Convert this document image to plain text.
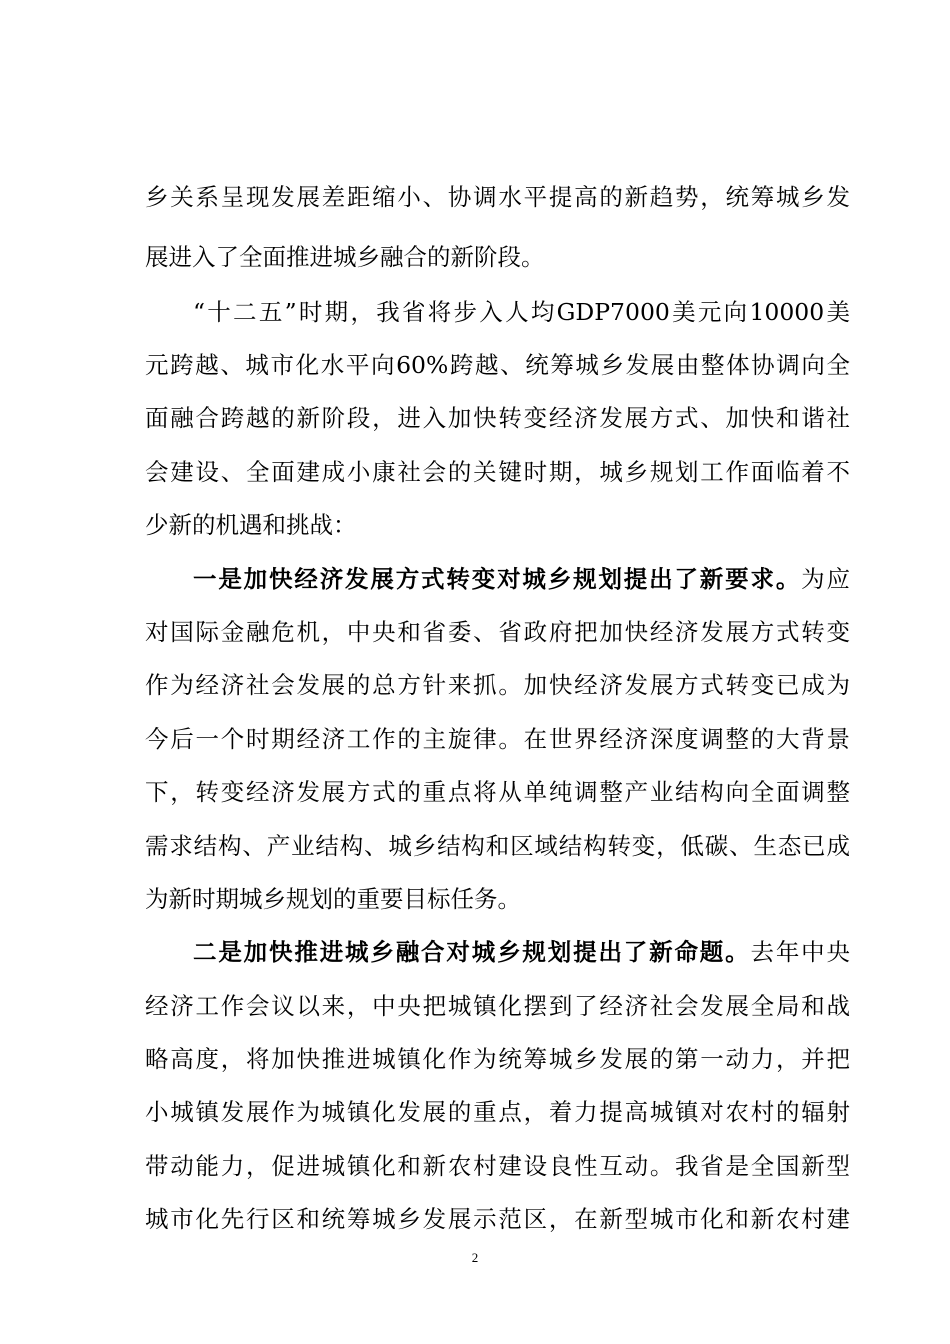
乡关系呈现发展差距缩小、协调水平提高的新趋势，统筹城乡发
展进入了全面推进城乡融合的新阶段。
“十二五”时期，我省将步入人均GDP7000美元向10000美
元跨越、城市化水平向60%跨越、统筹城乡发展由整体协调向全
面融合跨越的新阶段，进入加快转变经济发展方式、加快和谐社
会建设、全面建成小康社会的关键时期，城乡规划工作面临着不
少新的机遇和挑战：
一是加快经济发展方式转变对城乡规划提出了新要求。为应
对国际金融危机，中央和省委、省政府把加快经济发展方式转变
作为经济社会发展的总方针来抓。加快经济发展方式转变已成为
今后一个时期经济工作的主旋律。在世界经济深度调整的大背景
下，转变经济发展方式的重点将从单纯调整产业结构向全面调整
需求结构、产业结构、城乡结构和区域结构转变，低碳、生态已成
为新时期城乡规划的重要目标任务。
二是加快推进城乡融合对城乡规划提出了新命题。去年中央
经济工作会议以来，中央把城镇化摆到了经济社会发展全局和战
略高度，将加快推进城镇化作为统筹城乡发展的第一动力，并把
小城镇发展作为城镇化发展的重点，着力提高城镇对农村的辐射
带动能力，促进城镇化和新农村建设良性互动。我省是全国新型
城市化先行区和统筹城乡发展示范区，在新型城市化和新农村建
2
